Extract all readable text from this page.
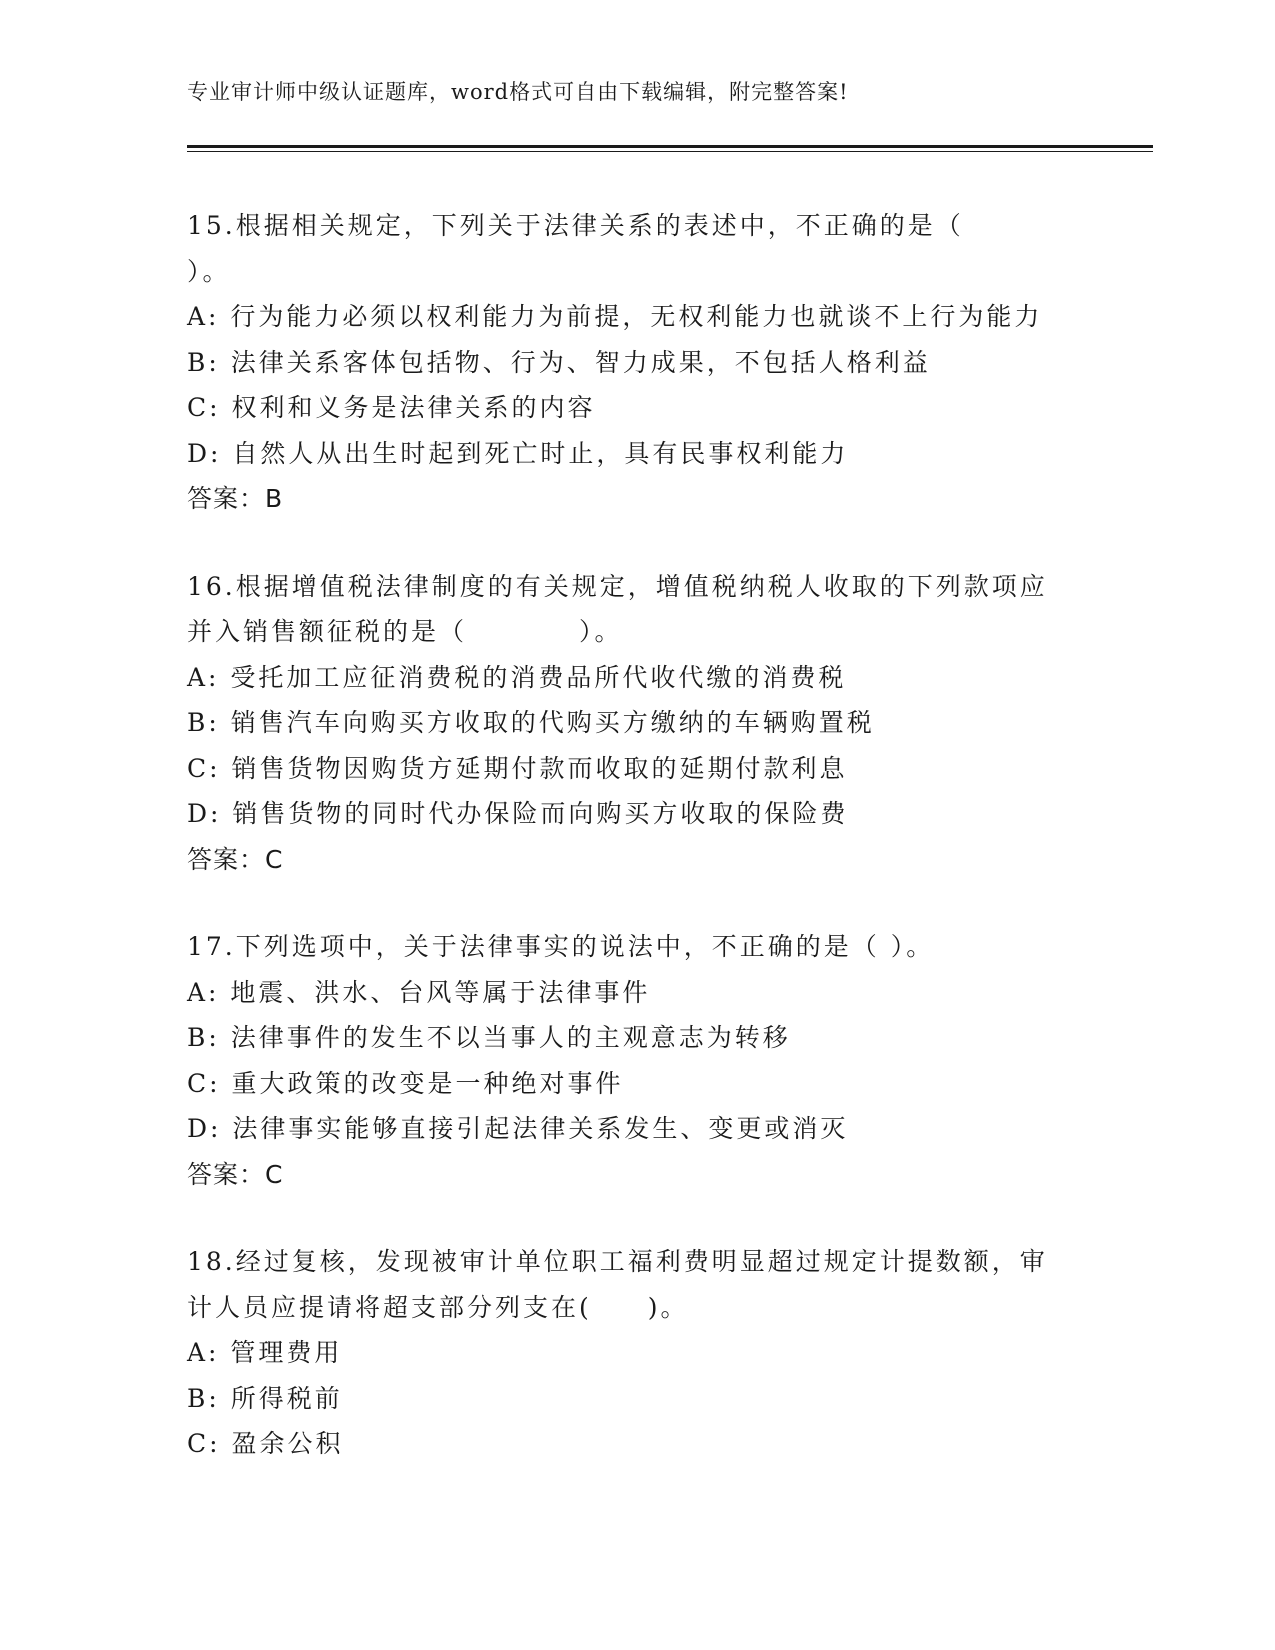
专业审计师中级认证题库，word格式可自由下载编辑，附完整答案!
15.根据相关规定，下列关于法律关系的表述中，不正确的是（
）。
A: 行为能力必须以权利能力为前提，无权利能力也就谈不上行为能力
B: 法律关系客体包括物、行为、智力成果，不包括人格利益
C: 权利和义务是法律关系的内容
D: 自然人从出生时起到死亡时止，具有民事权利能力
答案：B
16.根据增值税法律制度的有关规定，增值税纳税人收取的下列款项应
并入销售额征税的是（　　　　）。
A: 受托加工应征消费税的消费品所代收代缴的消费税
B: 销售汽车向购买方收取的代购买方缴纳的车辆购置税
C: 销售货物因购货方延期付款而收取的延期付款利息
D: 销售货物的同时代办保险而向购买方收取的保险费
答案：C
17.下列选项中，关于法律事实的说法中，不正确的是（ ）。
A: 地震、洪水、台风等属于法律事件
B: 法律事件的发生不以当事人的主观意志为转移
C: 重大政策的改变是一种绝对事件
D: 法律事实能够直接引起法律关系发生、变更或消灭
答案：C
18.经过复核，发现被审计单位职工福利费明显超过规定计提数额，审
计人员应提请将超支部分列支在(　　)。
A: 管理费用
B: 所得税前
C: 盈余公积
